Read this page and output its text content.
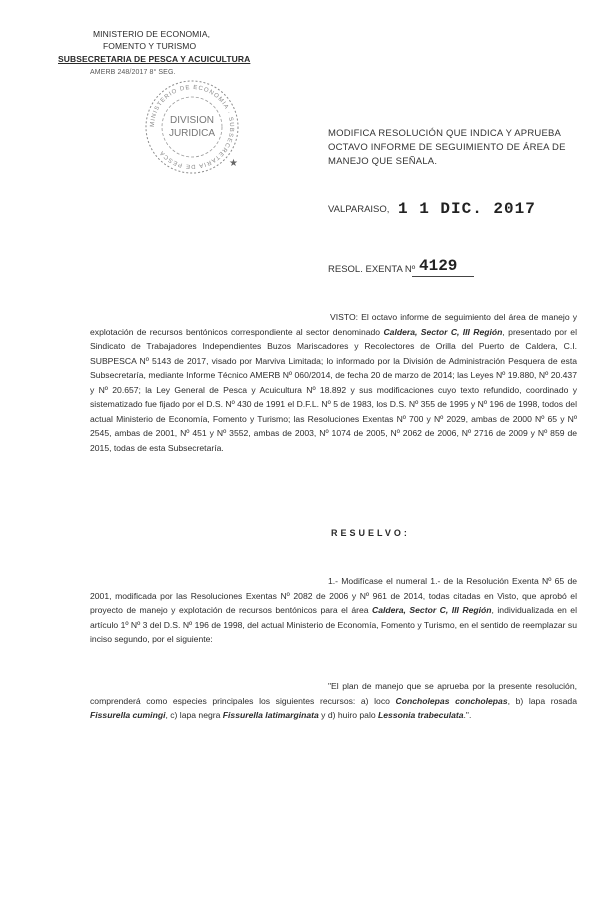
MINISTERIO DE ECONOMIA,
FOMENTO Y TURISMO
SUBSECRETARIA DE PESCA Y ACUICULTURA
AMERB 248/2017 8° SEG.
MINISTERIO DE ECONOMIA · SUBSECRETARIA DE PESCA
DIVISION
JURIDICA
★
MODIFICA RESOLUCIÓN QUE INDICA Y APRUEBA OCTAVO INFORME DE SEGUIMIENTO DE ÁREA DE MANEJO QUE SEÑALA.
VALPARAISO, 1 1 DIC. 2017
RESOL. EXENTA Nº 4129
VISTO: El octavo informe de seguimiento del área de manejo y explotación de recursos bentónicos correspondiente al sector denominado Caldera, Sector C, III Región, presentado por el Sindicato de Trabajadores Independientes Buzos Mariscadores y Recolectores de Orilla del Puerto de Caldera, C.I. SUBPESCA Nº 5143 de 2017, visado por Marviva Limitada; lo informado por la División de Administración Pesquera de esta Subsecretaría, mediante Informe Técnico AMERB Nº 060/2014, de fecha 20 de marzo de 2014; las Leyes Nº 19.880, Nº 20.437 y Nº 20.657; la Ley General de Pesca y Acuicultura Nº 18.892 y sus modificaciones cuyo texto refundido, coordinado y sistematizado fue fijado por el D.S. Nº 430 de 1991 el D.F.L. Nº 5 de 1983, los D.S. Nº 355 de 1995 y Nº 196 de 1998, todos del actual Ministerio de Economía, Fomento y Turismo; las Resoluciones Exentas Nº 700 y Nº 2029, ambas de 2000 Nº 65 y Nº 2545, ambas de 2001, Nº 451 y Nº 3552, ambas de 2003, Nº 1074 de 2005, Nº 2062 de 2006, Nº 2716 de 2009 y Nº 859 de 2015, todas de esta Subsecretaría.
RESUELVO:
1.- Modifícase el numeral 1.- de la Resolución Exenta Nº 65 de 2001, modificada por las Resoluciones Exentas Nº 2082 de 2006 y Nº 961 de 2014, todas citadas en Visto, que aprobó el proyecto de manejo y explotación de recursos bentónicos para el área Caldera, Sector C, III Región, individualizada en el artículo 1º Nº 3 del D.S. Nº 196 de 1998, del actual Ministerio de Economía, Fomento y Turismo, en el sentido de reemplazar su inciso segundo, por el siguiente:
"El plan de manejo que se aprueba por la presente resolución, comprenderá como especies principales los siguientes recursos: a) loco Concholepas concholepas, b) lapa rosada Fissurella cumingi, c) lapa negra Fissurella latimarginata y d) huiro palo Lessonia trabeculata.".
